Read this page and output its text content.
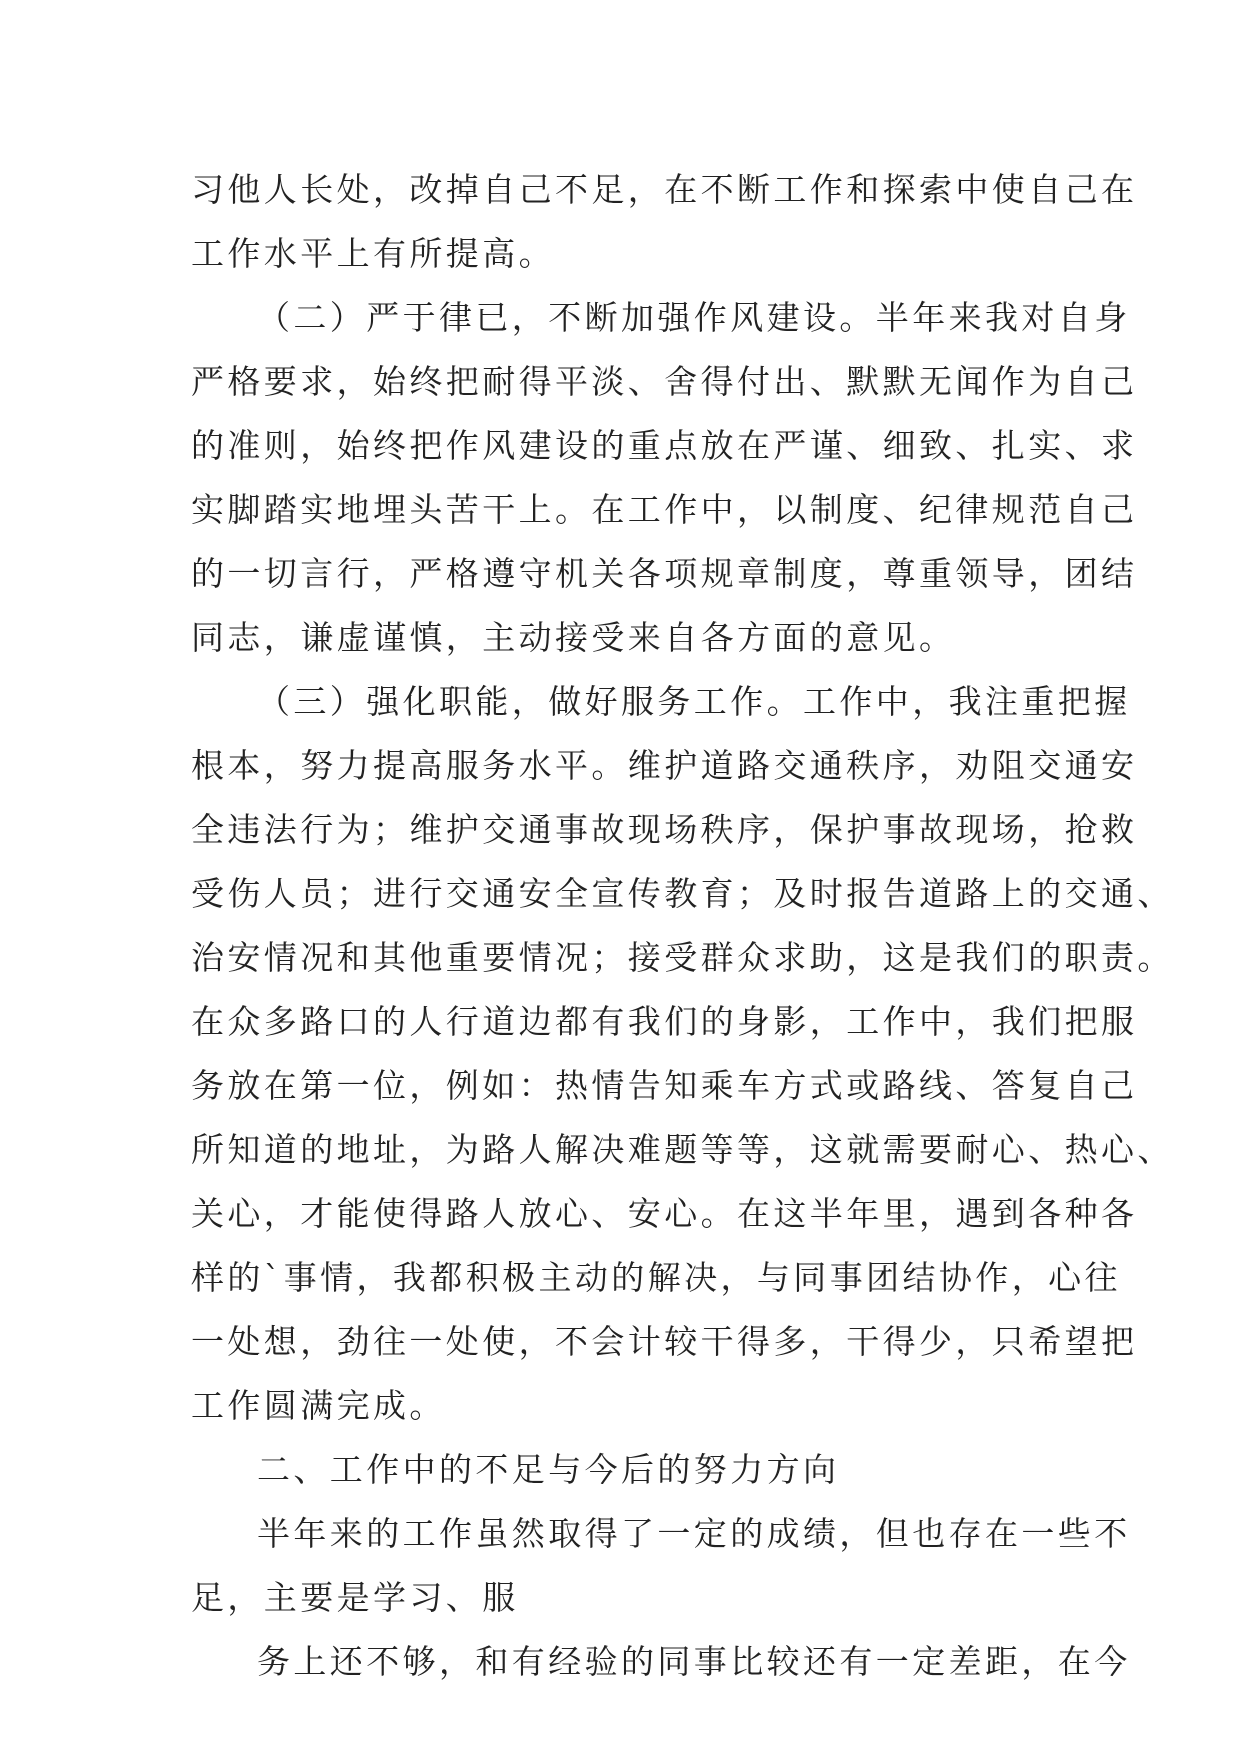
习他人长处，改掉自己不足，在不断工作和探索中使自己在

工作水平上有所提高。

（二）严于律已，不断加强作风建设。半年来我对自身

严格要求，始终把耐得平淡、舍得付出、默默无闻作为自己

的准则，始终把作风建设的重点放在严谨、细致、扎实、求

实脚踏实地埋头苦干上。在工作中，以制度、纪律规范自己

的一切言行，严格遵守机关各项规章制度，尊重领导，团结

同志，谦虚谨慎，主动接受来自各方面的意见。

（三）强化职能，做好服务工作。工作中，我注重把握

根本，努力提高服务水平。维护道路交通秩序，劝阻交通安

全违法行为；维护交通事故现场秩序，保护事故现场，抢救

受伤人员；进行交通安全宣传教育；及时报告道路上的交通、

治安情况和其他重要情况；接受群众求助，这是我们的职责。

在众多路口的人行道边都有我们的身影，工作中，我们把服

务放在第一位，例如：热情告知乘车方式或路线、答复自己

所知道的地址，为路人解决难题等等，这就需要耐心、热心、

关心，才能使得路人放心、安心。在这半年里，遇到各种各

样的`事情，我都积极主动的解决，与同事团结协作，心往

一处想，劲往一处使，不会计较干得多，干得少，只希望把

工作圆满完成。

二、工作中的不足与今后的努力方向

半年来的工作虽然取得了一定的成绩，但也存在一些不

足，主要是学习、服

务上还不够，和有经验的同事比较还有一定差距，在今
